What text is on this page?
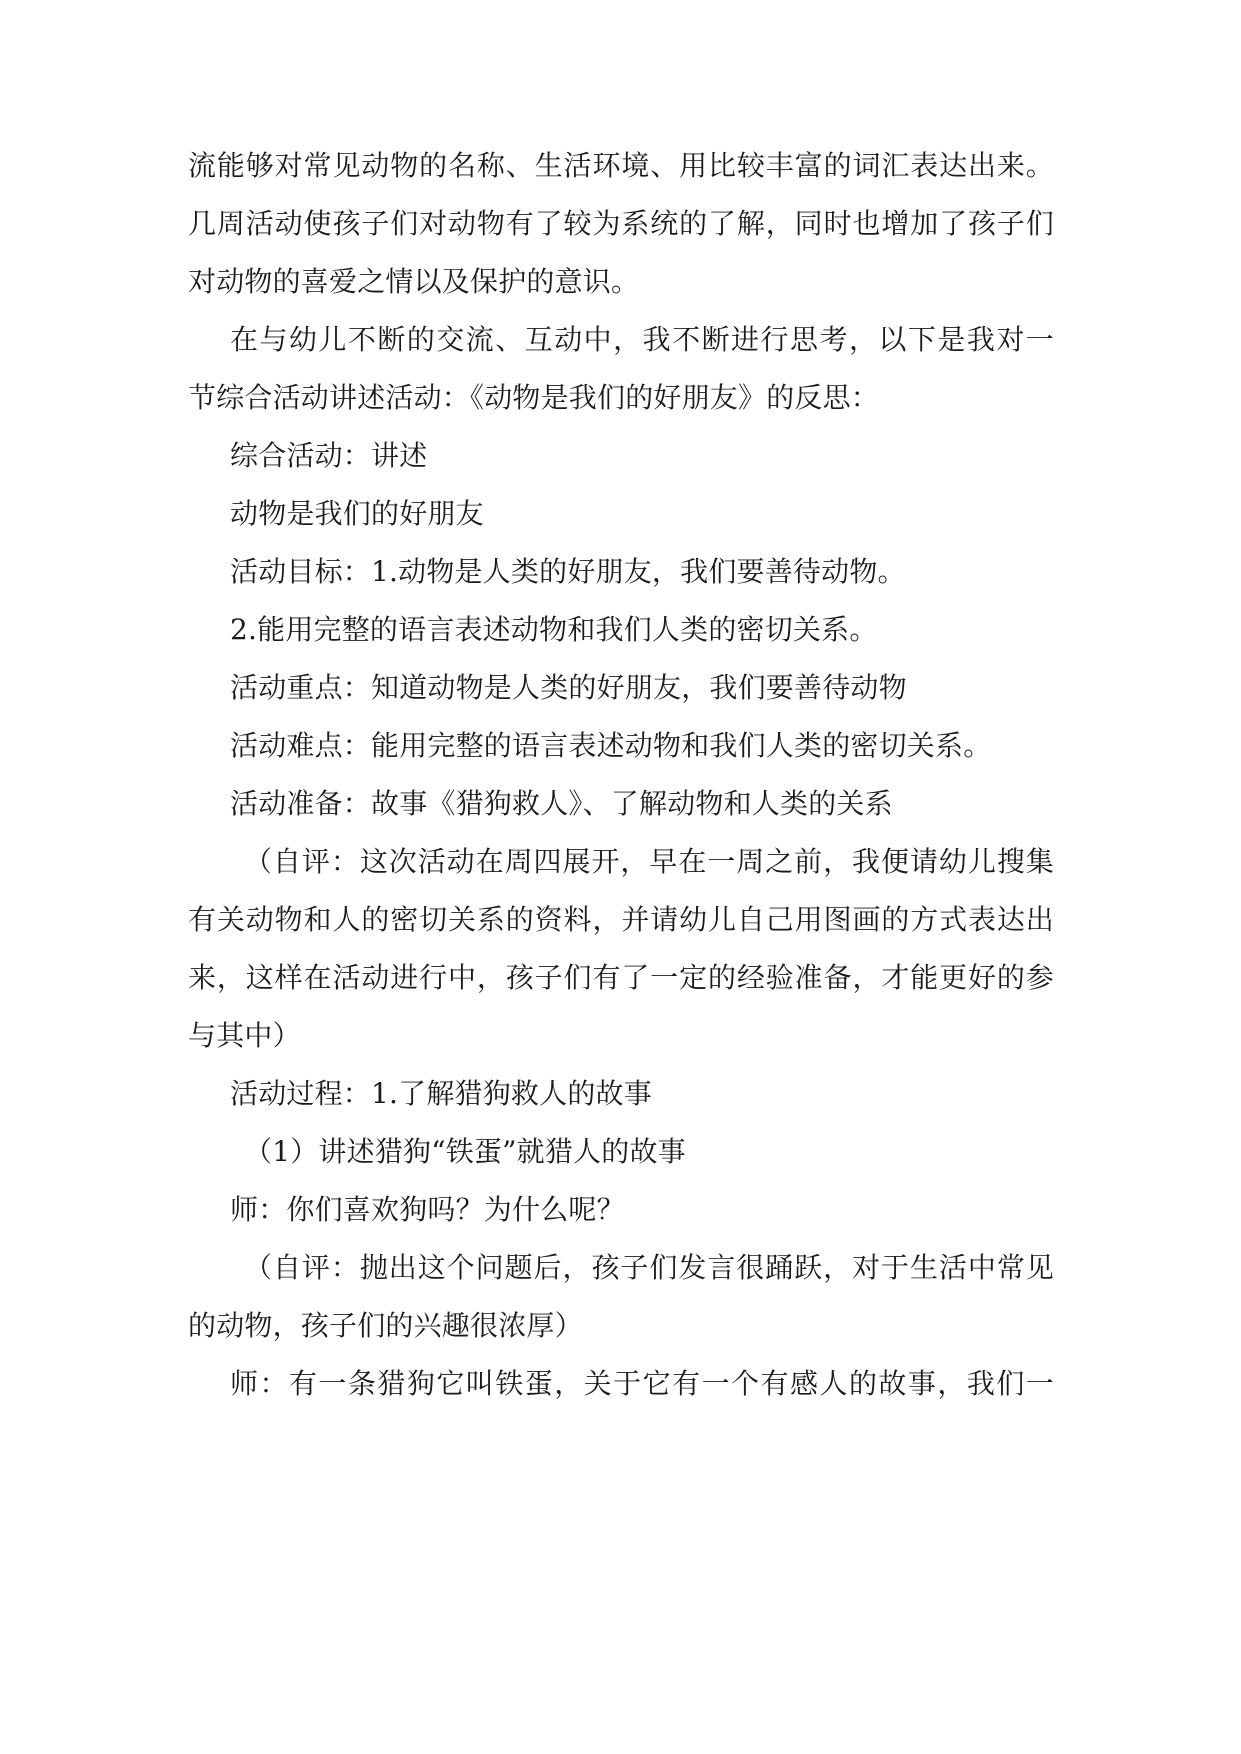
流能够对常见动物的名称、生活环境、用比较丰富的词汇表达出来。
几周活动使孩子们对动物有了较为系统的了解，同时也增加了孩子们
对动物的喜爱之情以及保护的意识。
在与幼儿不断的交流、互动中，我不断进行思考，以下是我对一
节综合活动讲述活动：《动物是我们的好朋友》的反思：
综合活动：讲述
动物是我们的好朋友
活动目标：1.动物是人类的好朋友，我们要善待动物。
2.能用完整的语言表述动物和我们人类的密切关系。
活动重点：知道动物是人类的好朋友，我们要善待动物
活动难点：能用完整的语言表述动物和我们人类的密切关系。
活动准备：故事《猎狗救人》、了解动物和人类的关系
（自评：这次活动在周四展开，早在一周之前，我便请幼儿搜集
有关动物和人的密切关系的资料，并请幼儿自己用图画的方式表达出
来，这样在活动进行中，孩子们有了一定的经验准备，才能更好的参
与其中）
活动过程：1.了解猎狗救人的故事
（1）讲述猎狗“铁蛋”就猎人的故事
师：你们喜欢狗吗？为什么呢？
（自评：抛出这个问题后，孩子们发言很踊跃，对于生活中常见
的动物，孩子们的兴趣很浓厚）
师：有一条猎狗它叫铁蛋，关于它有一个有感人的故事，我们一
